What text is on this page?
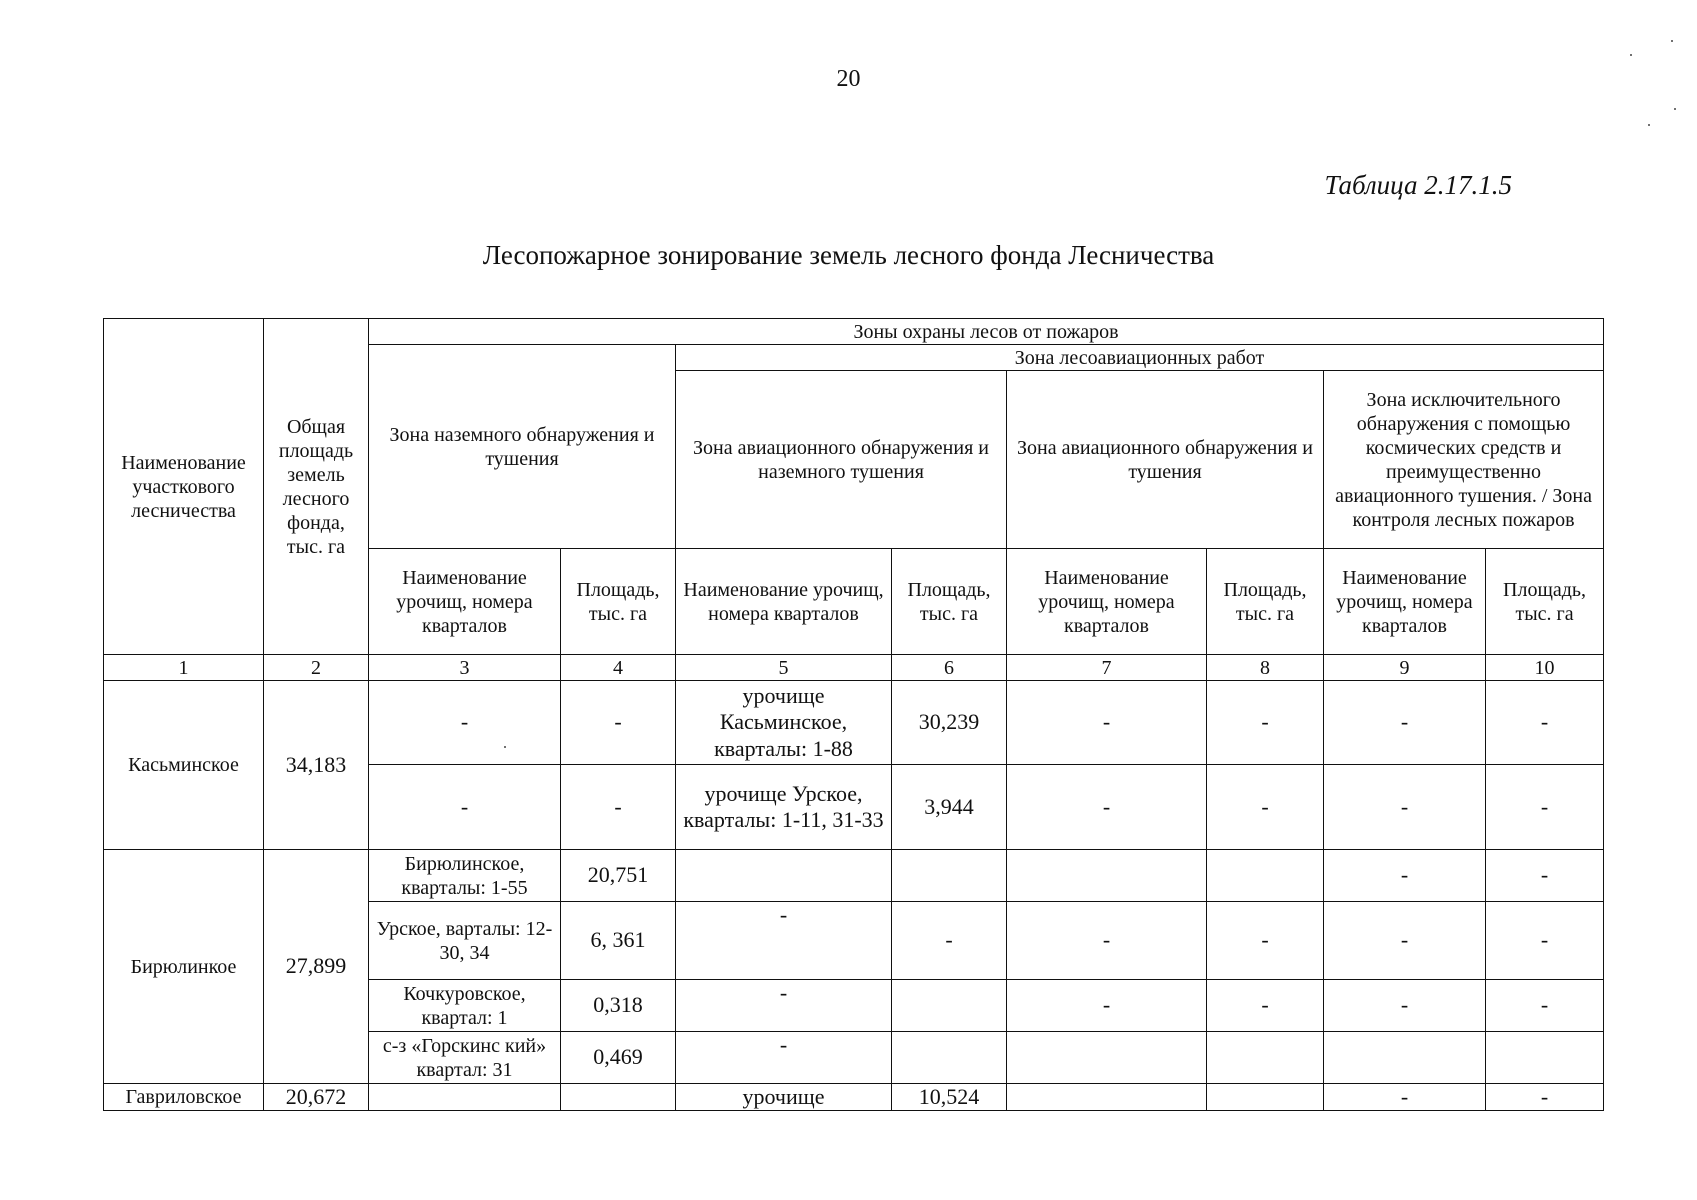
20
Таблица 2.17.1.5
Лесопожарное зонирование земель лесного фонда Лесничества
Наименование участкового лесничества	Общая площадь земель лесного фонда, тыс. га	Зоны охраны лесов от пожаров							
		Зона наземного обнаружения и тушения		Зона лесоавиационных работ					
				Зона авиационного обнаружения и наземного тушения		Зона авиационного обнаружения и тушения		Зона исключительного обнаружения с помощью космических средств и преимущественно авиационного тушения. / Зона контроля лесных пожаров	
		Наименование урочищ, номера кварталов	Площадь, тыс. га	Наименование урочищ, номера кварталов	Площадь, тыс. га	Наименование урочищ, номера кварталов	Площадь, тыс. га	Наименование урочищ, номера кварталов	Площадь, тыс. га
1	2	3	4	5	6	7	8	9	10
Касьминское	34,183	-	-	урочище Касьминское, кварталы: 1-88	30,239	-	-	-	-
		-	-	урочище Урское, кварталы: 1-11, 31-33	3,944	-	-	-	-
Бирюлинкое	27,899	Бирюлинское, кварталы: 1-55	20,751					-	-
		Урское, варталы: 12-30, 34	6, 361	-	-	-	-	-	-
		Кочкуровское, квартал: 1	0,318	-		-	-	-	-
		с-з «Горскинс кий» квартал: 31	0,469	-					
Гавриловское	20,672			урочище	10,524			-	-
